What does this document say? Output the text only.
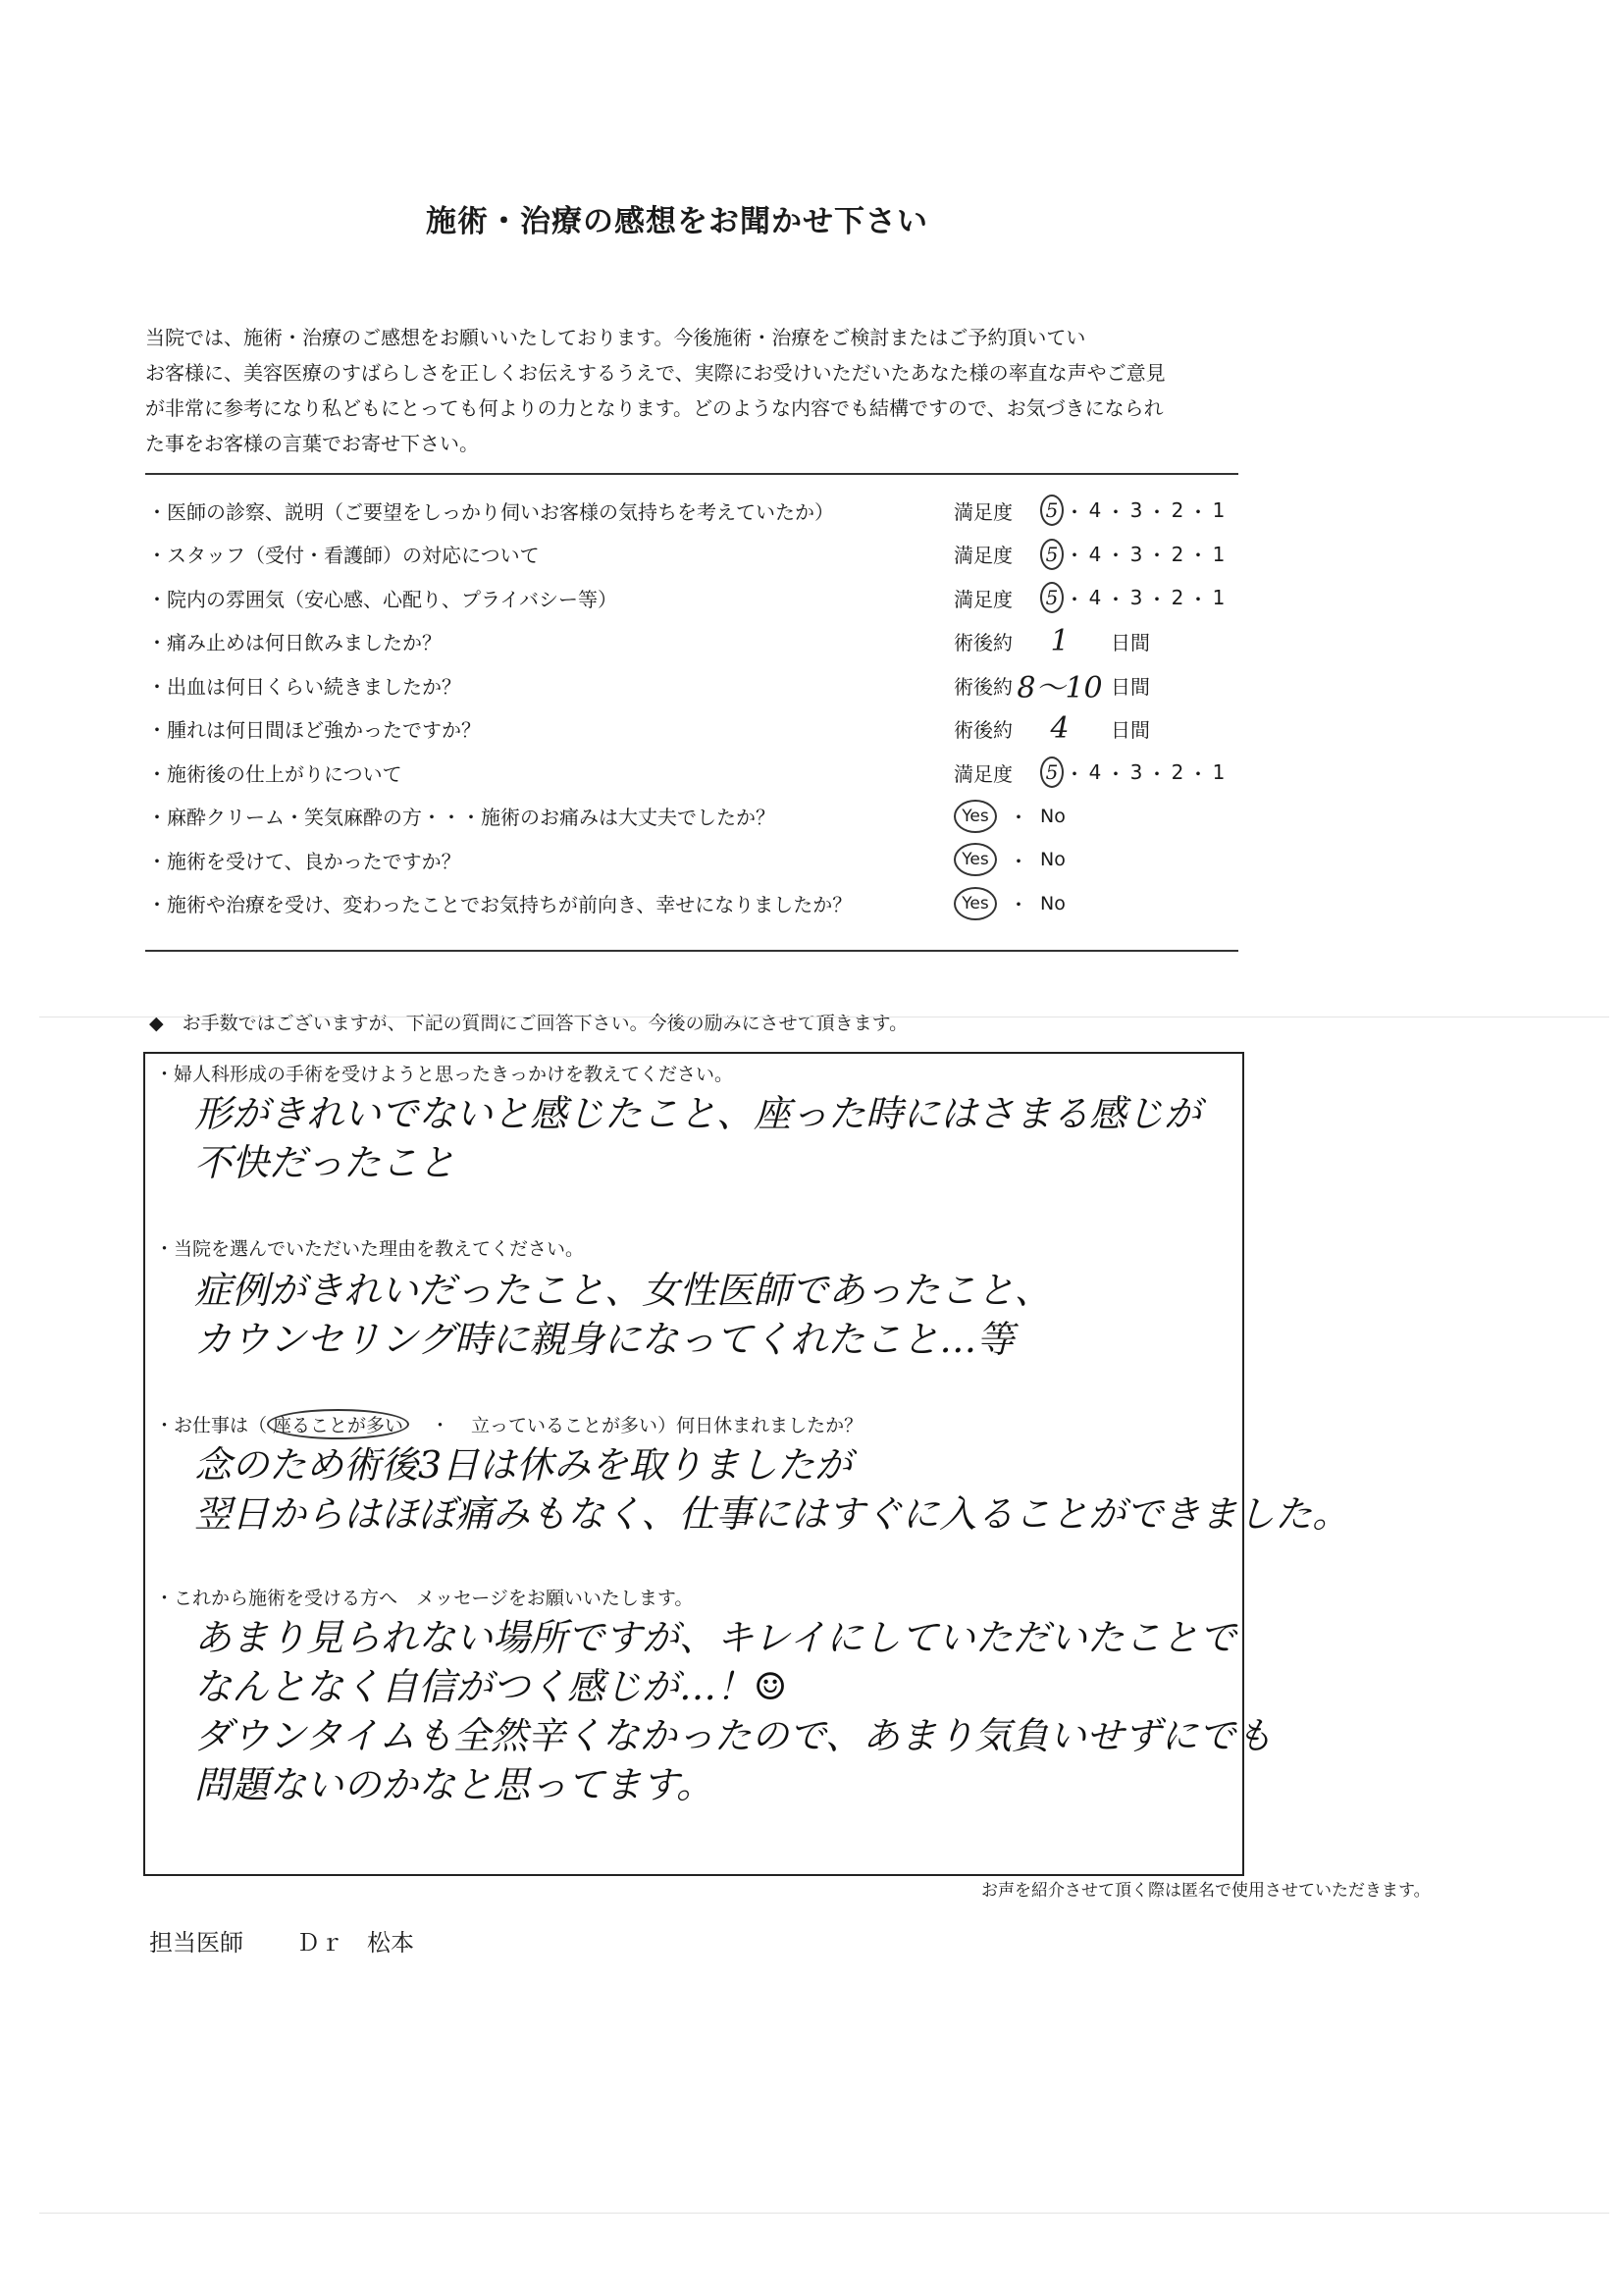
施術・治療の感想をお聞かせ下さい

当院では、施術・治療のご感想をお願いいたしております。今後施術・治療をご検討またはご予約頂いてい

お客様に、美容医療のすばらしさを正しくお伝えするうえで、実際にお受けいただいたあなた様の率直な声やご意見

が非常に参考になり私どもにとっても何よりの力となります。どのような内容でも結構ですので、お気づきになられ

た事をお客様の言葉でお寄せ下さい。

・医師の診察、説明（ご要望をしっかり伺いお客様の気持ちを考えていたか）	満足度	5 ・ 4 ・ 3 ・ 2 ・ 1
・スタッフ（受付・看護師）の対応について	満足度	5 ・ 4 ・ 3 ・ 2 ・ 1
・院内の雰囲気（安心感、心配り、プライバシー等）	満足度	5 ・ 4 ・ 3 ・ 2 ・ 1
・痛み止めは何日飲みましたか？	術後約	1	日間
・出血は何日くらい続きましたか？	術後約 8〜10 日間
・腫れは何日間ほど強かったですか？	術後約	4	日間
・施術後の仕上がりについて	満足度	5 ・ 4 ・ 3 ・ 2 ・ 1
・麻酔クリーム・笑気麻酔の方・・・施術のお痛みは大丈夫でしたか？	Yes	・ No
・施術を受けて、良かったですか？	Yes	・ No
・施術や治療を受け、変わったことでお気持ちが前向き、幸せになりましたか？	Yes	・ No
◆　お手数ではございますが、下記の質問にご回答下さい。今後の励みにさせて頂きます。
・婦人科形成の手術を受けようと思ったきっかけを教えてください。
形がきれいでないと感じたこと、座った時にはさまる感じが
不快だったこと
・当院を選んでいただいた理由を教えてください。
症例がきれいだったこと、女性医師であったこと、
カウンセリング時に親身になってくれたこと…等
・お仕事は（ 座ることが多い	・ 立っていることが多い ）何日休まれましたか？
念のため術後3日は休みを取りましたが
翌日からはほぼ痛みもなく、仕事にはすぐに入ることができました。
・これから施術を受ける方へ　メッセージをお願いいたします。
あまり見られない場所ですが、キレイにしていただいたことで
なんとなく自信がつく感じが…！☺
ダウンタイムも全然辛くなかったので、あまり気負いせずにでも
問題ないのかなと思ってます。
お声を紹介させて頂く際は匿名で使用させていただきます。
担当医師 Ｄｒ　松本
